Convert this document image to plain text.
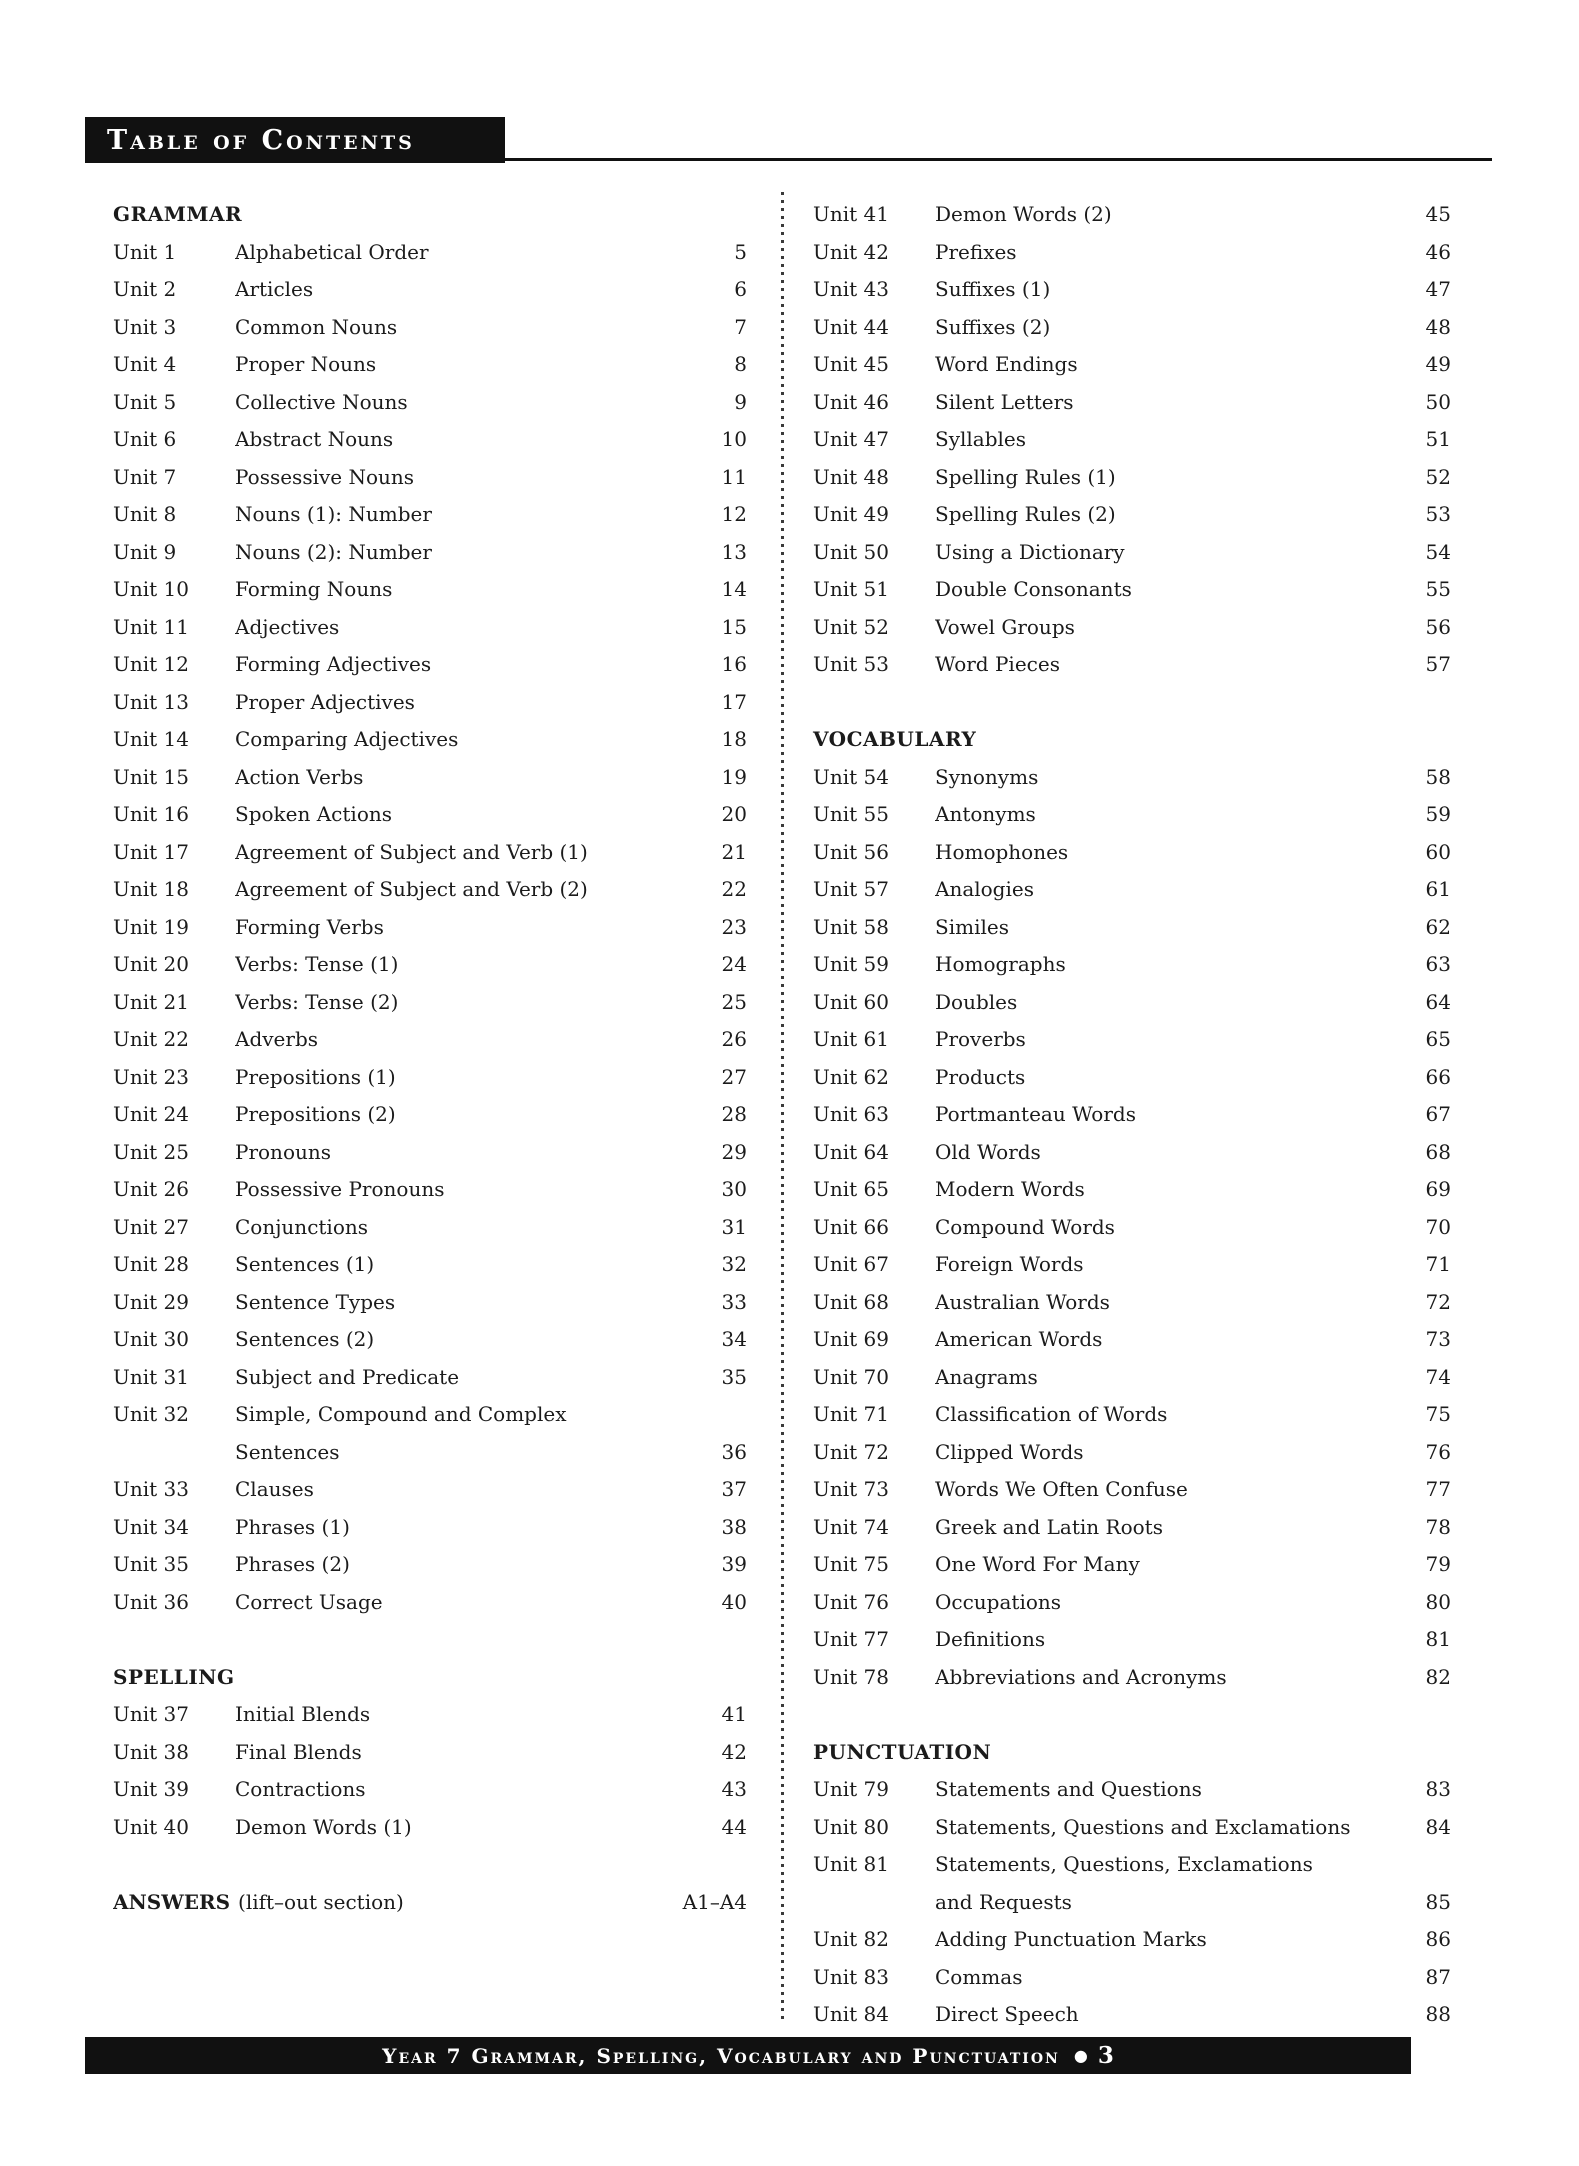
Table of Contents
GRAMMAR
Unit 1	Alphabetical Order	5
Unit 2	Articles	6
Unit 3	Common Nouns	7
Unit 4	Proper Nouns	8
Unit 5	Collective Nouns	9
Unit 6	Abstract Nouns	10
Unit 7	Possessive Nouns	11
Unit 8	Nouns (1): Number	12
Unit 9	Nouns (2): Number	13
Unit 10	Forming Nouns	14
Unit 11	Adjectives	15
Unit 12	Forming Adjectives	16
Unit 13	Proper Adjectives	17
Unit 14	Comparing Adjectives	18
Unit 15	Action Verbs	19
Unit 16	Spoken Actions	20
Unit 17	Agreement of Subject and Verb (1)	21
Unit 18	Agreement of Subject and Verb (2)	22
Unit 19	Forming Verbs	23
Unit 20	Verbs: Tense (1)	24
Unit 21	Verbs: Tense (2)	25
Unit 22	Adverbs	26
Unit 23	Prepositions (1)	27
Unit 24	Prepositions (2)	28
Unit 25	Pronouns	29
Unit 26	Possessive Pronouns	30
Unit 27	Conjunctions	31
Unit 28	Sentences (1)	32
Unit 29	Sentence Types	33
Unit 30	Sentences (2)	34
Unit 31	Subject and Predicate	35
Unit 32	Simple, Compound and Complex
Sentences	36
Unit 33	Clauses	37
Unit 34	Phrases (1)	38
Unit 35	Phrases (2)	39
Unit 36	Correct Usage	40
SPELLING
Unit 37	Initial Blends	41
Unit 38	Final Blends	42
Unit 39	Contractions	43
Unit 40	Demon Words (1)	44
ANSWERS (lift–out section)	A1–A4
Unit 41	Demon Words (2)	45
Unit 42	Prefixes	46
Unit 43	Suffixes (1)	47
Unit 44	Suffixes (2)	48
Unit 45	Word Endings	49
Unit 46	Silent Letters	50
Unit 47	Syllables	51
Unit 48	Spelling Rules (1)	52
Unit 49	Spelling Rules (2)	53
Unit 50	Using a Dictionary	54
Unit 51	Double Consonants	55
Unit 52	Vowel Groups	56
Unit 53	Word Pieces	57
VOCABULARY
Unit 54	Synonyms	58
Unit 55	Antonyms	59
Unit 56	Homophones	60
Unit 57	Analogies	61
Unit 58	Similes	62
Unit 59	Homographs	63
Unit 60	Doubles	64
Unit 61	Proverbs	65
Unit 62	Products	66
Unit 63	Portmanteau Words	67
Unit 64	Old Words	68
Unit 65	Modern Words	69
Unit 66	Compound Words	70
Unit 67	Foreign Words	71
Unit 68	Australian Words	72
Unit 69	American Words	73
Unit 70	Anagrams	74
Unit 71	Classification of Words	75
Unit 72	Clipped Words	76
Unit 73	Words We Often Confuse	77
Unit 74	Greek and Latin Roots	78
Unit 75	One Word For Many	79
Unit 76	Occupations	80
Unit 77	Definitions	81
Unit 78	Abbreviations and Acronyms	82
PUNCTUATION
Unit 79	Statements and Questions	83
Unit 80	Statements, Questions and Exclamations	84
Unit 81	Statements, Questions, Exclamations
and Requests	85
Unit 82	Adding Punctuation Marks	86
Unit 83	Commas	87
Unit 84	Direct Speech	88
Year 7 Grammar, Spelling, Vocabulary and Punctuation ● 3
